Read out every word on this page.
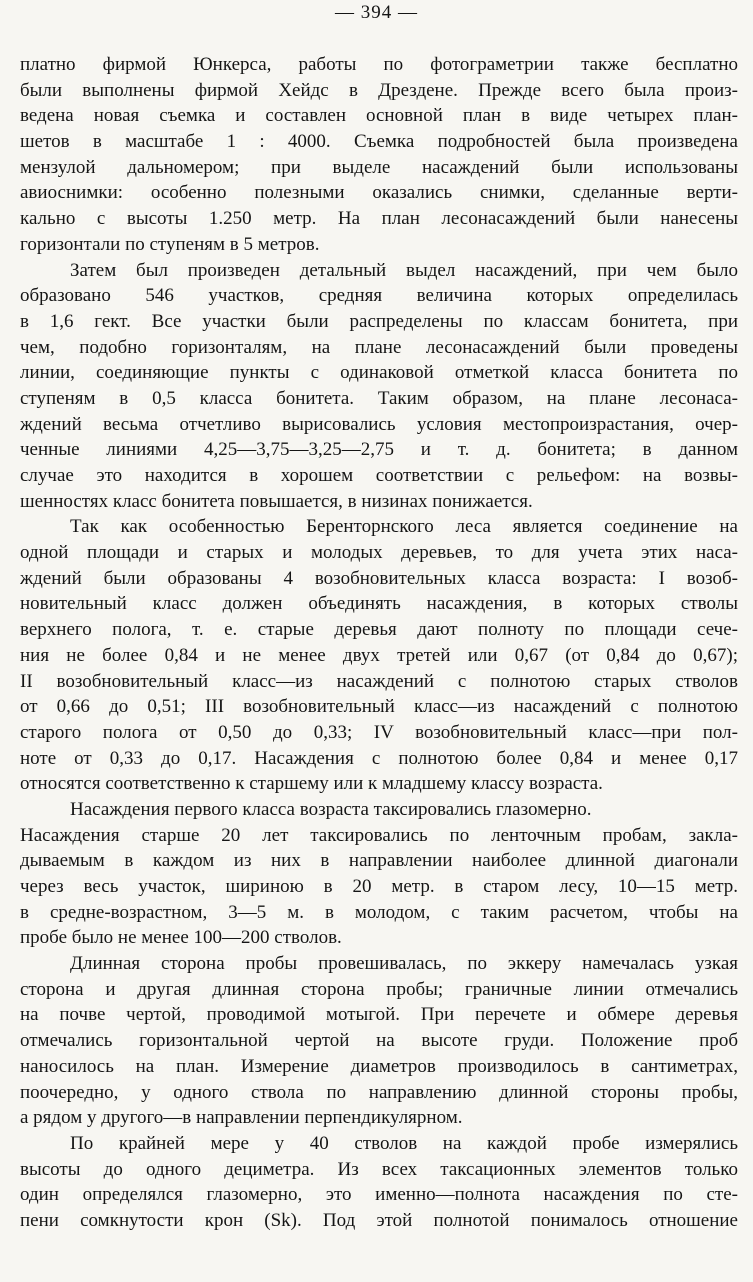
— 394 —
платно фирмой Юнкерса, работы по фотограметрии также бесплатно
были выполнены фирмой Хейдс в Дрездене. Прежде всего была произ-
ведена новая съемка и составлен основной план в виде четырех план-
шетов в масштабе 1 : 4000. Съемка подробностей была произведена
мензулой дальномером; при выделе насаждений были использованы
авиоснимки: особенно полезными оказались снимки, сделанные верти-
кально с высоты 1.250 метр. На план лесонасаждений были нанесены
горизонтали по ступеням в 5 метров.
Затем был произведен детальный выдел насаждений, при чем было
образовано 546 участков, средняя величина которых определилась
в 1,6 гект. Все участки были распределены по классам бонитета, при
чем, подобно горизонталям, на плане лесонасаждений были проведены
линии, соединяющие пункты с одинаковой отметкой класса бонитета по
ступеням в 0,5 класса бонитета. Таким образом, на плане лесонаса-
ждений весьма отчетливо вырисовались условия местопроизрастания, очер-
ченные линиями 4,25—3,75—3,25—2,75 и т. д. бонитета; в данном
случае это находится в хорошем соответствии с рельефом: на возвы-
шенностях класс бонитета повышается, в низинах понижается.
Так как особенностью Беренторнского леса является соединение на
одной площади и старых и молодых деревьев, то для учета этих наса-
ждений были образованы 4 возобновительных класса возраста: I возоб-
новительный класс должен объединять насаждения, в которых стволы
верхнего полога, т. е. старые деревья дают полноту по площади сече-
ния не более 0,84 и не менее двух третей или 0,67 (от 0,84 до 0,67);
II возобновительный класс—из насаждений с полнотою старых стволов
от 0,66 до 0,51; III возобновительный класс—из насаждений с полнотою
старого полога от 0,50 до 0,33; IV возобновительный класс—при пол-
ноте от 0,33 до 0,17. Насаждения с полнотою более 0,84 и менее 0,17
относятся соответственно к старшему или к младшему классу возраста.
Насаждения первого класса возраста таксировались глазомерно.
Насаждения старше 20 лет таксировались по ленточным пробам, закла-
дываемым в каждом из них в направлении наиболее длинной диагонали
через весь участок, шириною в 20 метр. в старом лесу, 10—15 метр.
в средне-возрастном, 3—5 м. в молодом, с таким расчетом, чтобы на
пробе было не менее 100—200 стволов.
Длинная сторона пробы провешивалась, по эккеру намечалась узкая
сторона и другая длинная сторона пробы; граничные линии отмечались
на почве чертой, проводимой мотыгой. При перечете и обмере деревья
отмечались горизонтальной чертой на высоте груди. Положение проб
наносилось на план. Измерение диаметров производилось в сантиметрах,
поочередно, у одного ствола по направлению длинной стороны пробы,
а рядом у другого—в направлении перпендикулярном.
По крайней мере у 40 стволов на каждой пробе измерялись
высоты до одного дециметра. Из всех таксационных элементов только
один определялся глазомерно, это именно—полнота насаждения по сте-
пени сомкнутости крон (Sk). Под этой полнотой понималось отношение
